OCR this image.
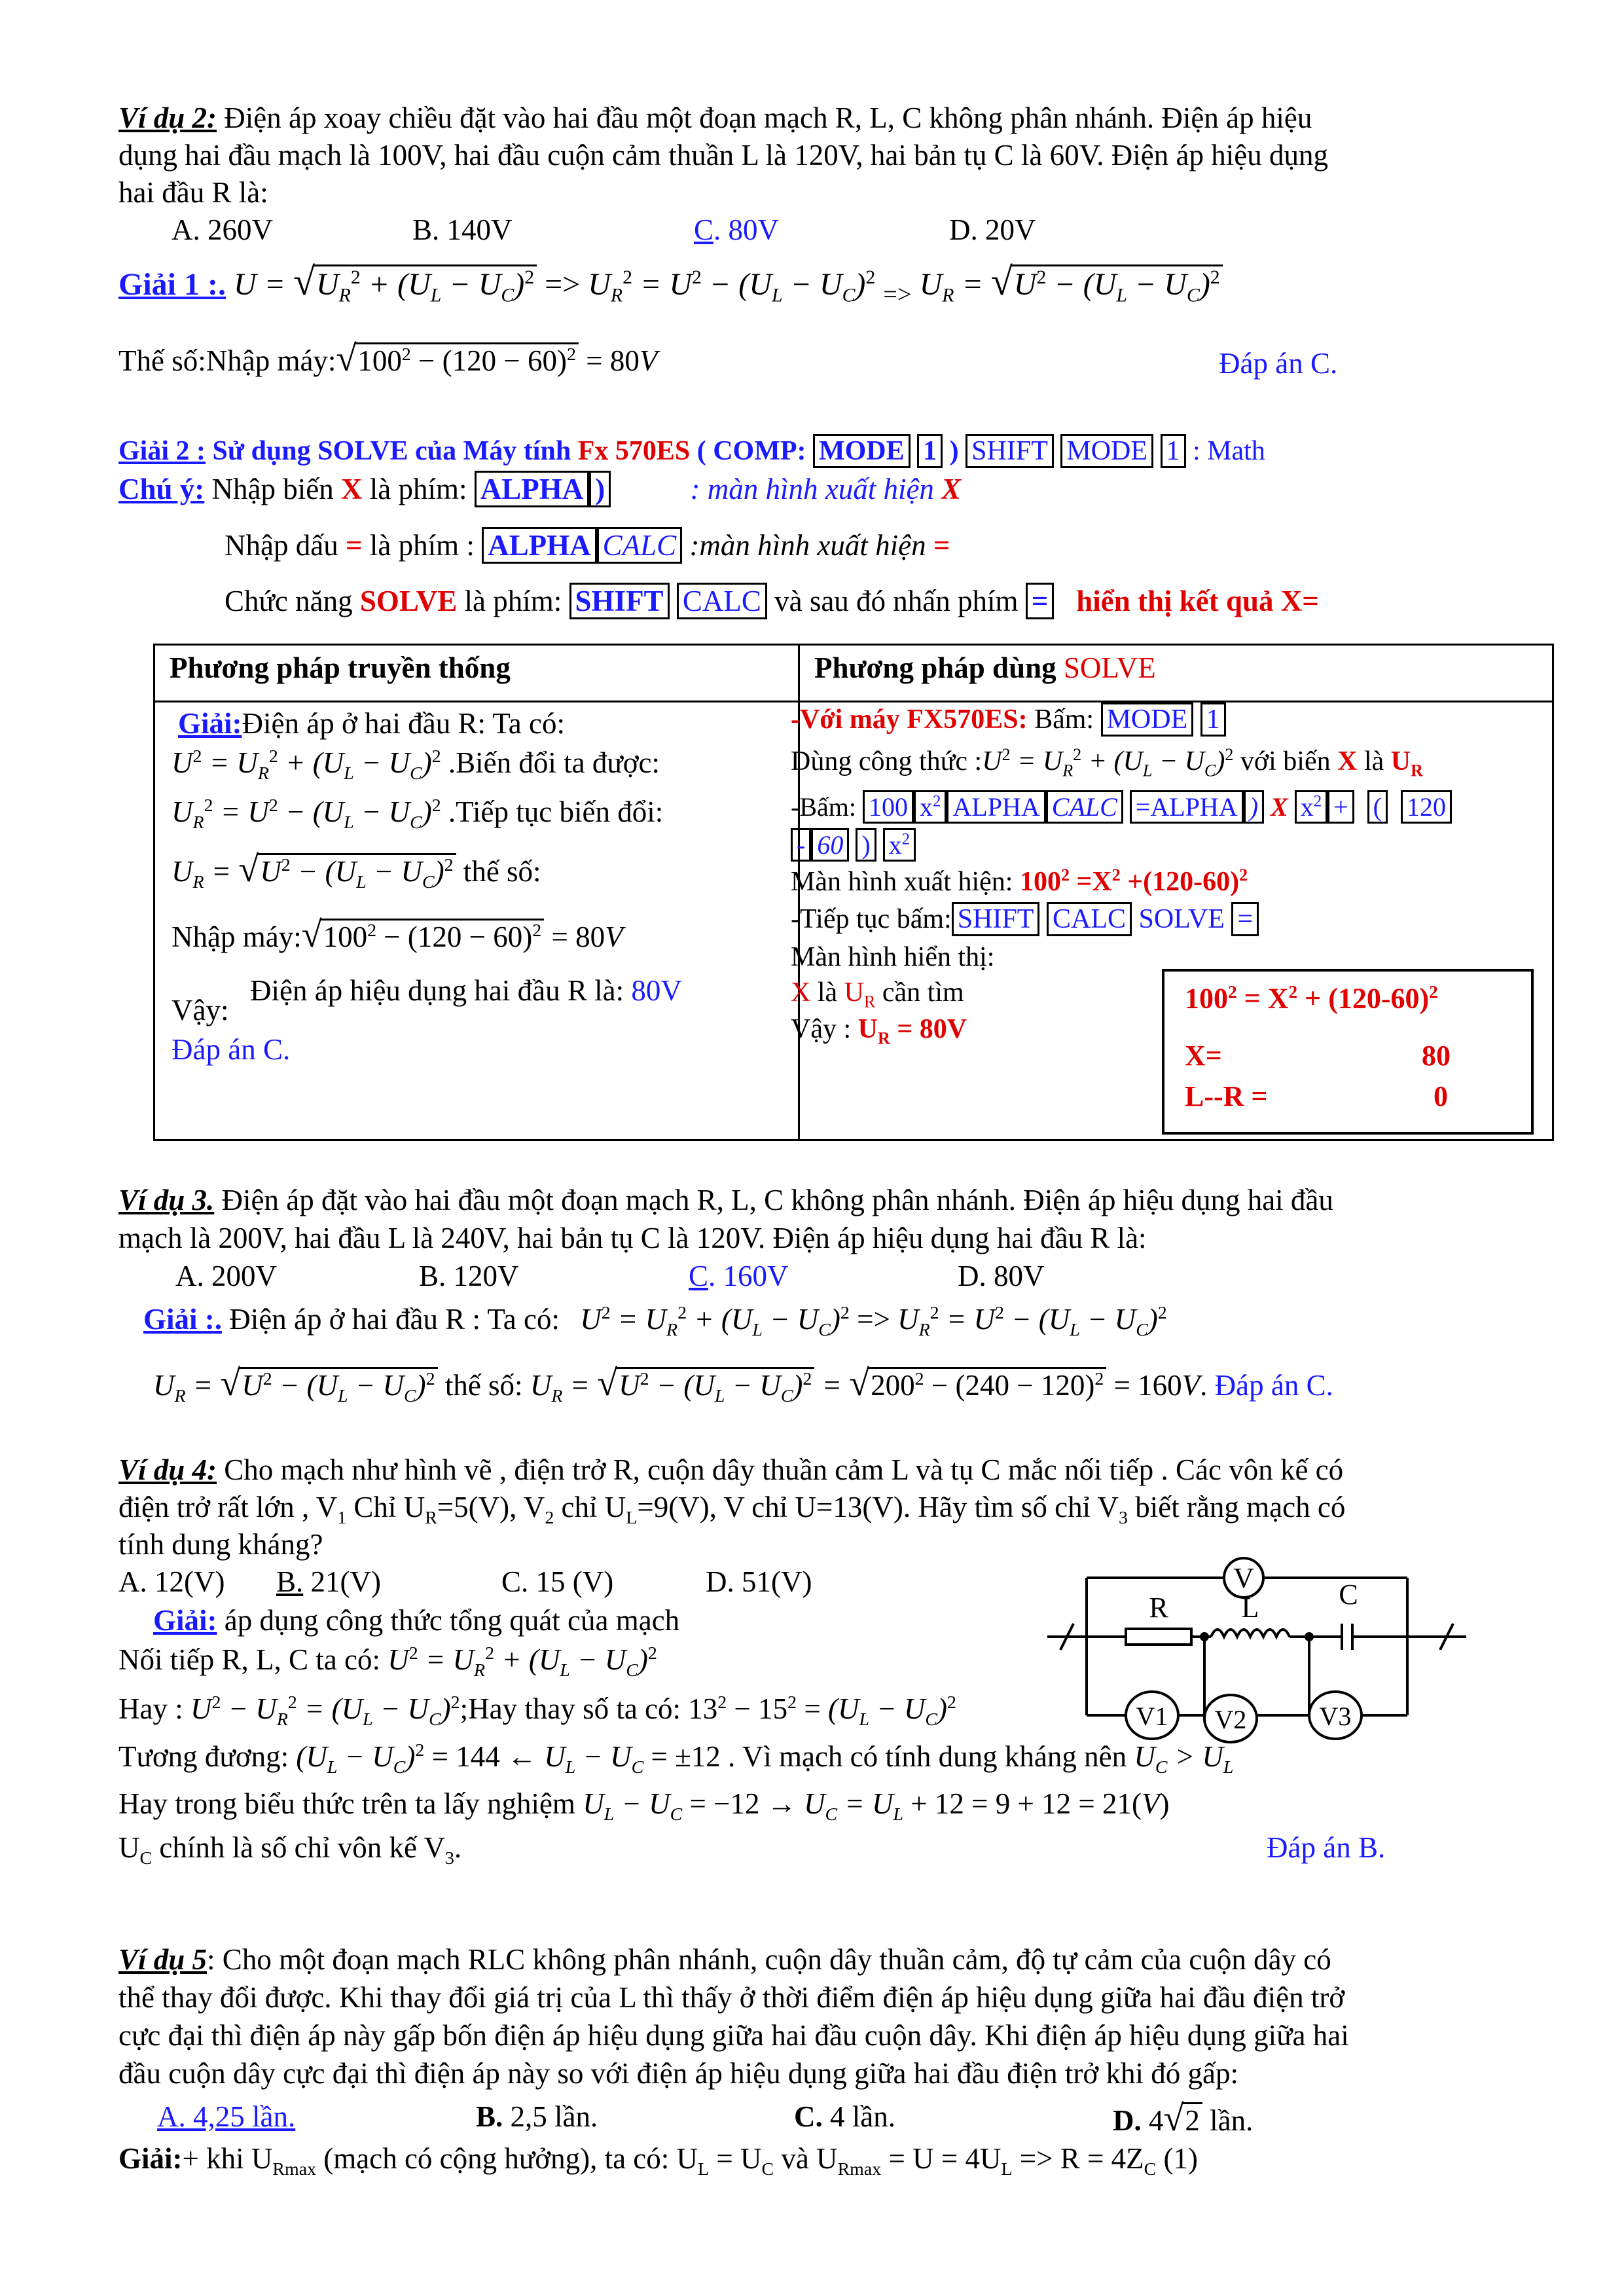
Ví dụ 2: Điện áp xoay chiều đặt vào hai đầu một đoạn mạch R, L, C không phân nhánh. Điện áp hiệu
dụng hai đầu mạch là 100V, hai đầu cuộn cảm thuần L là 120V, hai bản tụ C là 60V. Điện áp hiệu dụng
hai đầu R là:
A. 260V	B. 140V	C. 80V	D. 20V
Giải 1 :. $U = √U_R^2 + (U_L - U_C)^2 => U_R^2 = U^2 - (U_L - U_C)^2$ $_{=>}$ $U_R = √U^2 - (U_L - U_C)^2$
Thế số:Nhập $máy:√100^2 - (120 - 60)^2 = 80V$	Đáp án C.
Giải 2 : Sử dụng SOLVE của Máy tính Fx 570ES ( COMP: MODE 1 ) SHIFT MODE 1 : Math
Chú ý: Nhập biến X là phím: ALPHA )	: màn hình xuất hiện X
Nhập dấu = là phím : ALPHA CALC :màn hình xuất hiện =
Chức năng SOLVE là phím: SHIFT CALC và sau đó nhấn phím = hiển thị kết quả X=
Phương pháp truyền thống	Phương pháp dùng SOLVE

Giải:Điện áp ở hai đầu R: Ta có:
$U^2 = U_R^2 + (U_L - U_C)^2$ .Biến đổi ta được:
$U_R^2 = U^2 - (U_L - U_C)^2$ .Tiếp tục biến đổi:
$U_R = √U^2 - (U_L - U_C)^2$ thế số:
Nhập $máy:√100^2 - (120 - 60)^2 = 80V$
Điện áp hiệu dụng hai đầu R là: 80V
Vậy:
Đáp án C.
-Với máy FX570ES: Bấm: MODE 1
Dùng công thức $:U^2 = U_R^2 + (U_L - U_C)^2$ với biến X là $U_R$
-Bấm: 100 $x^2$ ALPHA CALC =ALPHA ) X $x^2$ + ( 120
- 60 ) $x^2$
Màn hình xuất hiện: $100^2 =X^2 +(120-60)^2$
-Tiếp tục bấm: SHIFT CALC SOLVE =
Màn hình hiển thị:
X là $U_R$ cần tìm
Vậy : $U_R = 80V$
$100^2 = X^2 + (120-60)^2$
X=	80
L--R =	0
Ví dụ 3. Điện áp đặt vào hai đầu một đoạn mạch R, L, C không phân nhánh. Điện áp hiệu dụng hai đầu
mạch là 200V, hai đầu L là 240V, hai bản tụ C là 120V. Điện áp hiệu dụng hai đầu R là:
A. 200V	B. 120V	C. 160V	D. 80V
Giải :. Điện áp ở hai đầu R : Ta có: $U^2 = U_R^2 + (U_L - U_C)^2 => U_R^2 = U^2 - (U_L - U_C)^2$
$U_R = √U^2 - (U_L - U_C)^2$ thế số: $U_R = √U^2 - (U_L - U_C)^2 = √200^2 - (240 - 120)^2 = 160V$. Đáp án C.
Ví dụ 4: Cho mạch như hình vẽ , điện trở R, cuộn dây thuần cảm L và tụ C mắc nối tiếp . Các vôn kế có
điện trở rất lớn , $V_1$ Chỉ $U_R=5(V)$, $V_2$ chỉ $U_L=9(V)$, V chỉ U=13(V). Hãy tìm số chỉ $V_3$ biết rằng mạch có
tính dung kháng?
A. 12(V) B. 21(V)	C. 15 (V)	D. 51(V)
Giải: áp dụng công thức tổng quát của mạch
Nối tiếp R, L, C ta có: $U^2 = U_R^2 + (U_L - U_C)^2$
Hay : $U^2 - U_R^2 = (U_L$ − $U_C)^2;Hay$ thay số ta có: $13^2 - 15^2 = (U_L - U_C)^2$
Tương đương: $(U_L - U_C)^2 = 144$ ← $U_L - U_C = \pm 12$ . Vì mạch có tính dung kháng nên $U_C > U_L$
Hay trong biểu thức trên ta lấy nghiệm $U_L - U_C = -12 \to U_C = U_L + 12 = 9 + 12 = 21(V)$
$U_C$ chính là số chỉ vôn kế $V_3$.	Đáp án B.
V
R	L	C
V1 V2	V3
Ví dụ 5: Cho một đoạn mạch RLC không phân nhánh, cuộn dây thuần cảm, độ tự cảm của cuộn dây có
thể thay đổi được. Khi thay đổi giá trị của L thì thấy ở thời điểm điện áp hiệu dụng giữa hai đầu điện trở
cực đại thì điện áp này gấp bốn điện áp hiệu dụng giữa hai đầu cuộn dây. Khi điện áp hiệu dụng giữa hai
đầu cuộn dây cực đại thì điện áp này so với điện áp hiệu dụng giữa hai đầu điện trở khi đó gấp:
A. 4,25 lần.	B. 2,5 lần.	C. 4 lần.	D. 4√2 lần.
Giải:+ khi $U_{Rmax}$ (mạch có cộng hưởng), ta có: $U_L = U_C$ và $U_{Rmax} = U = 4U_L => R = 4Z_C$ (1)
